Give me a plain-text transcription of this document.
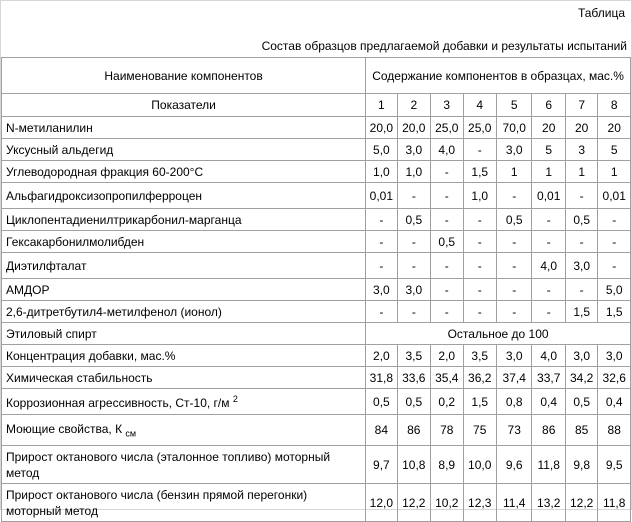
Таблица
Состав образцов предлагаемой добавки и результаты испытаний
Наименование компонентов	Содержание компонентов в образцах, мас.%							
Показатели	1	2	3	4	5	6	7	8
N-метиланилин	20,0	20,0	25,0	25,0	70,0	20	20	20
Уксусный альдегид	5,0	3,0	4,0	-	3,0	5	3	5
Углеводородная фракция 60-200°С	1,0	1,0	-	1,5	1	1	1	1
Альфагидроксизопропилферроцен	0,01	-	-	1,0	-	0,01	-	0,01
Циклопентадиенилтрикарбонил-марганца	-	0,5	-	-	0,5	-	0,5	-
Гексакарбонилмолибден	-	-	0,5	-	-	-	-	-
Диэтилфталат	-	-	-	-	-	4,0	3,0	-
АМДОР	3,0	3,0	-	-	-	-	-	5,0
2,6-дитретбутил4-метилфенол (ионол)	-	-	-	-	-	-	1,5	1,5
Этиловый спирт	Остальное до 100							
Концентрация добавки, мас.%	2,0	3,5	2,0	3,5	3,0	4,0	3,0	3,0
Химическая стабильность	31,8	33,6	35,4	36,2	37,4	33,7	34,2	32,6
Коррозионная агрессивность, Ст-10, г/м $^2$	0,5	0,5	0,2	1,5	0,8	0,4	0,5	0,4
Моющие свойства, К $_{см}$	84	86	78	75	73	86	85	88
Прирост октанового числа (эталонное топливо) моторный метод	9,7	10,8	8,9	10,0	9,6	11,8	9,8	9,5
Прирост октанового числа (бензин прямой перегонки) моторный метод	12,0	12,2	10,2	12,3	11,4	13,2	12,2	11,8
